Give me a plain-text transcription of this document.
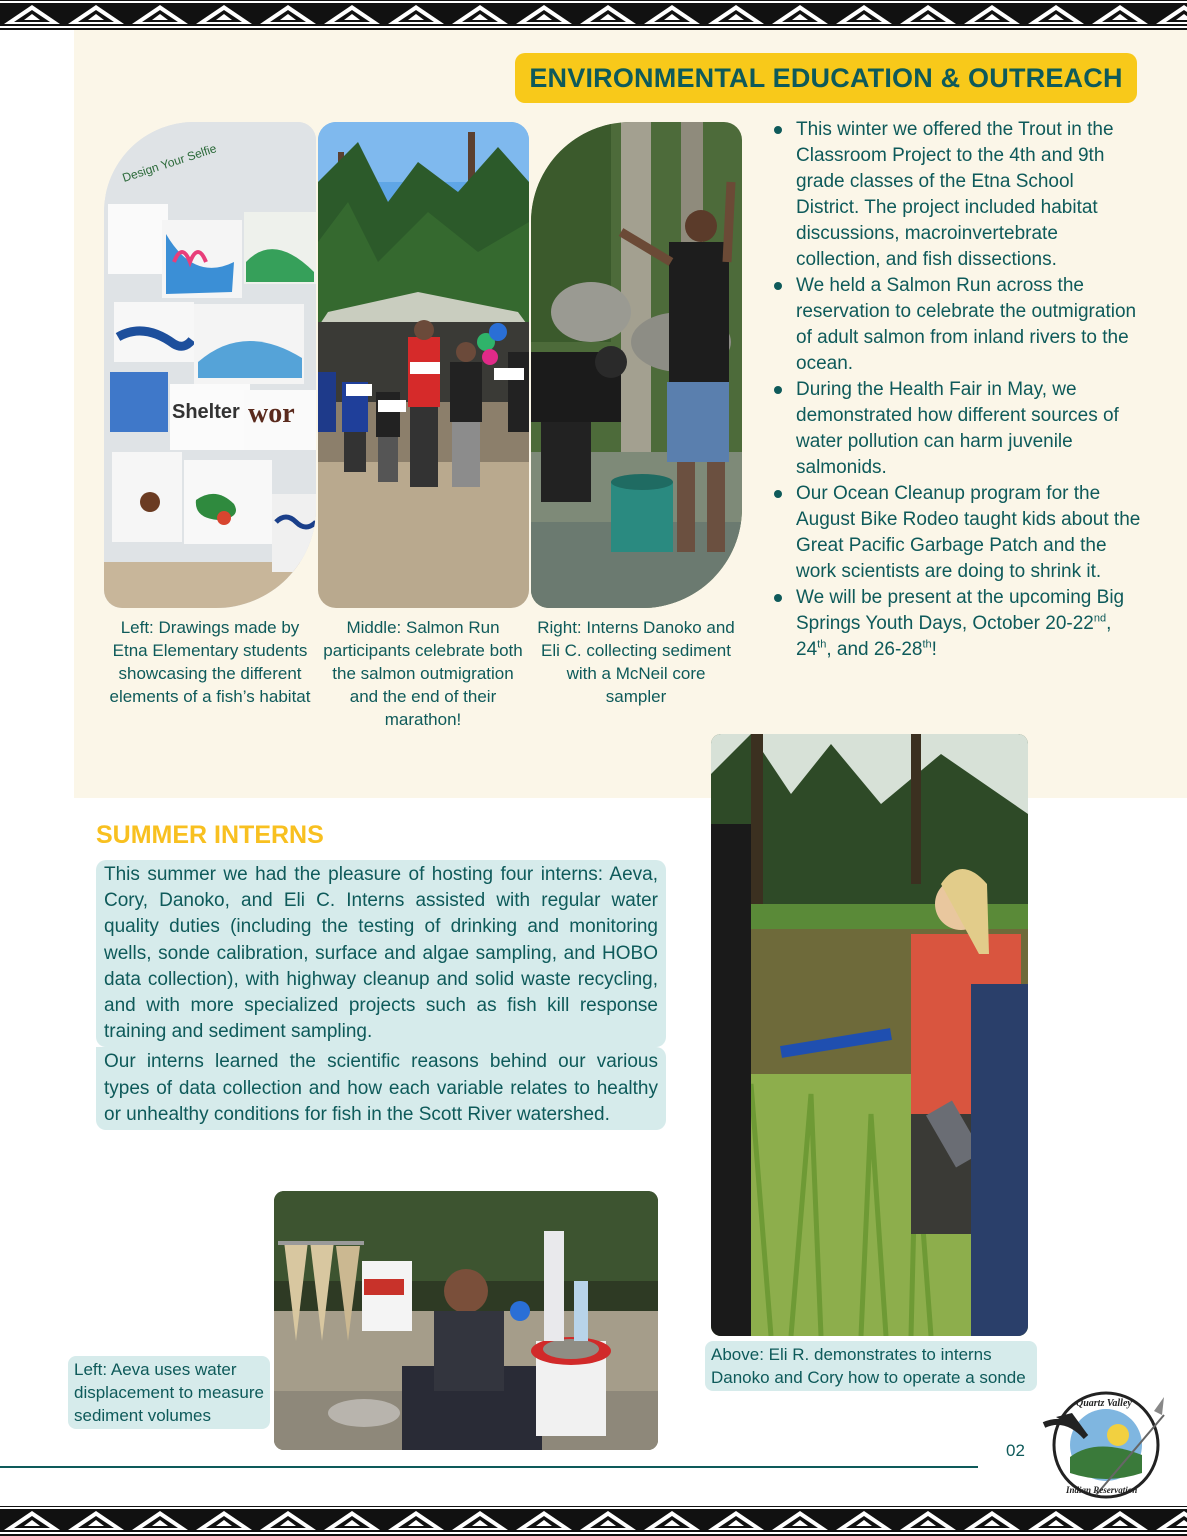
ENVIRONMENTAL EDUCATION & OUTREACH
Shelter wor
Design Your Selfie
Left: Drawings made by Etna Elementary students showcasing the different elements of a fish’s habitat
Middle: Salmon Run participants celebrate both the salmon outmigration and the end of their marathon!
Right: Interns Danoko and Eli C. collecting sediment with a McNeil core sampler
This winter we offered the Trout in the Classroom Project to the 4th and 9th grade classes of the Etna School District. The project included habitat discussions, macroinvertebrate collection, and fish dissections.
We held a Salmon Run across the reservation to celebrate the outmigration of adult salmon from inland rivers to the ocean.
During the Health Fair in May, we demonstrated how different sources of water pollution can harm juvenile salmonids.
Our Ocean Cleanup program for the August Bike Rodeo taught kids about the Great Pacific Garbage Patch and the work scientists are doing to shrink it.
We will be present at the upcoming Big Springs Youth Days, October 20-22nd, 24th, and 26-28th!
SUMMER INTERNS

This summer we had the pleasure of hosting four interns: Aeva, Cory, Danoko, and Eli C. Interns assisted with regular water quality duties (including the testing of drinking and monitoring wells, sonde calibration, surface and algae sampling, and HOBO data collection), with highway cleanup and solid waste recycling, and with more specialized projects such as fish kill response training and sediment sampling.

Our interns learned the scientific reasons behind our various types of data collection and how each variable relates to healthy or unhealthy conditions for fish in the Scott River watershed.

Left: Aeva uses water displacement to measure sediment volumes
Above: Eli R. demonstrates to interns Danoko and Cory how to operate a sonde
02
Quartz Valley
Indian Reservation
